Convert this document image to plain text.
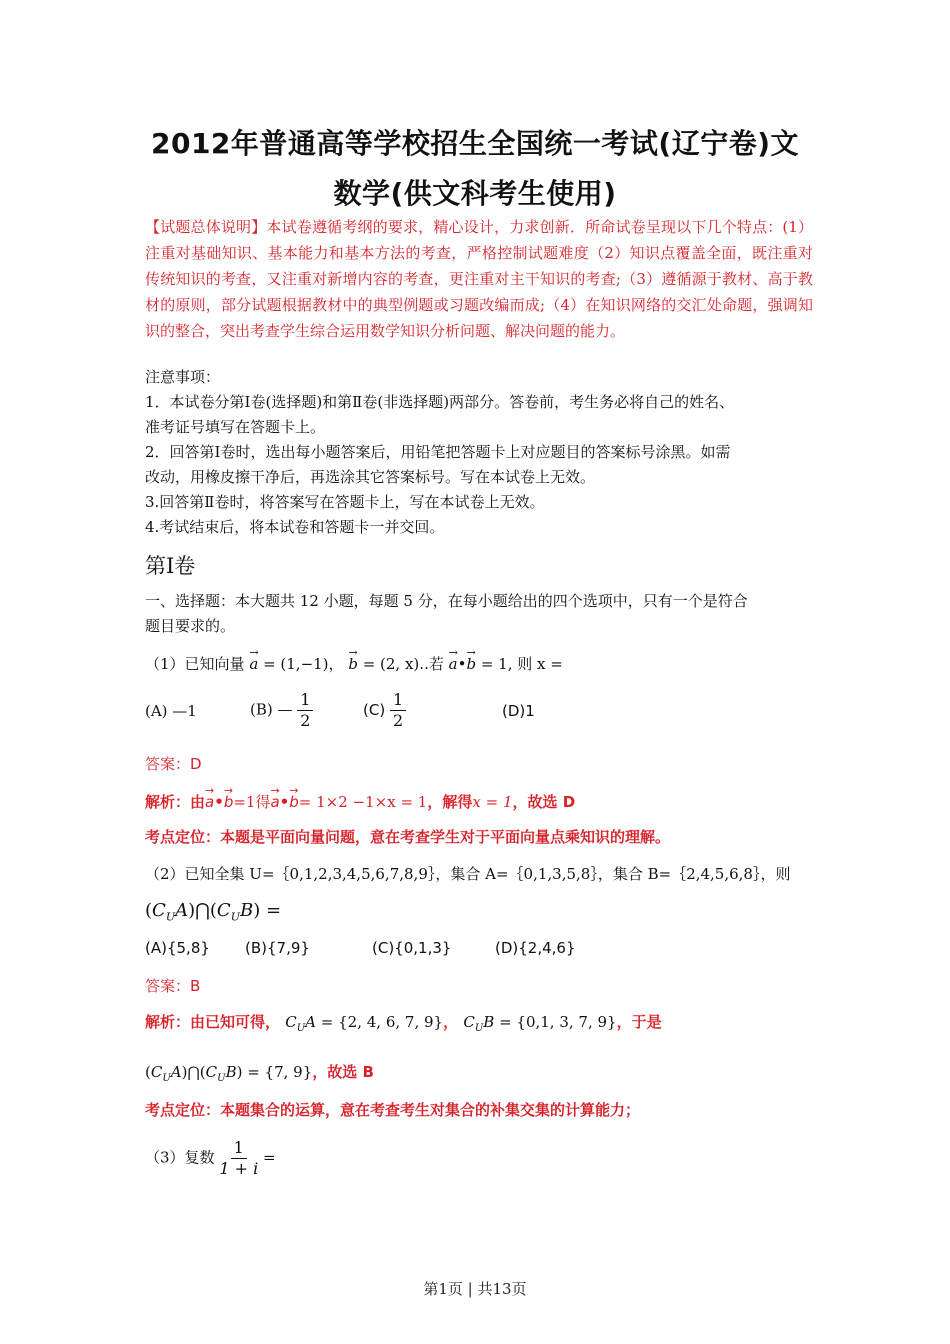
2012年普通高等学校招生全国统一考试(辽宁卷)文
数学(供文科考生使用)
【试题总体说明】本试卷遵循考纲的要求，精心设计，力求创新．所命试卷呈现以下几个特点：(1）注重对基础知识、基本能力和基本方法的考查，严格控制试题难度（2）知识点覆盖全面，既注重对传统知识的考查，又注重对新增内容的考查，更注重对主干知识的考查;（3）遵循源于教材、高于教材的原则，部分试题根据教材中的典型例题或习题改编而成;（4）在知识网络的交汇处命题，强调知识的整合，突出考查学生综合运用数学知识分析问题、解决问题的能力。
注意事项：
1．本试卷分第Ⅰ卷(选择题)和第Ⅱ卷(非选择题)两部分。答卷前，考生务必将自己的姓名、
准考证号填写在答题卡上。
2．回答第Ⅰ卷时，选出每小题答案后，用铅笔把答题卡上对应题目的答案标号涂黑。如需
改动，用橡皮擦干净后，再选涂其它答案标号。写在本试卷上无效。
3.回答第Ⅱ卷时，将答案写在答题卡上，写在本试卷上无效。
4.考试结束后，将本试卷和答题卡一并交回。
第Ⅰ卷
一、选择题：本大题共 12 小题，每题 5 分，在每小题给出的四个选项中，只有一个是符合
题目要求的。
（1）已知向量 → a = (1,−1)， → b = (2, x)..若 → a•→ b = 1, 则 x =
(A) —1	(B) — $\frac{1}{2}$	$(C) \frac{1}{2}$	(D)1
答案：D
解析：由→ a•→ b=1得→ a•→ b= 1×2 −1×x = 1，解得x = 1，故选 D
考点定位：本题是平面向量问题，意在考查学生对于平面向量点乘知识的理解。
（2）已知全集 U=｛0,1,2,3,4,5,6,7,8,9｝，集合 A=｛0,1,3,5,8｝，集合 B=｛2,4,5,6,8｝，则
$(C_UA)⋂(C_UB)$ =
(A){5,8} (B){7,9}	(C){0,1,3}	(D){2,4,6}
答案：B
解析：由已知可得， $C_UA = \{2$, 4, 6, 7, 9}， $C_UB = \{0,1$, 3, 7, 9}，于是
$(C_UA)⋂(C_UB) = \{7$, 9}，故选 B
考点定位：本题集合的运算，意在考查考生对集合的补集交集的计算能力；
（3）复数 $\frac{1}{1 + i}$ =
第1页 | 共13页
